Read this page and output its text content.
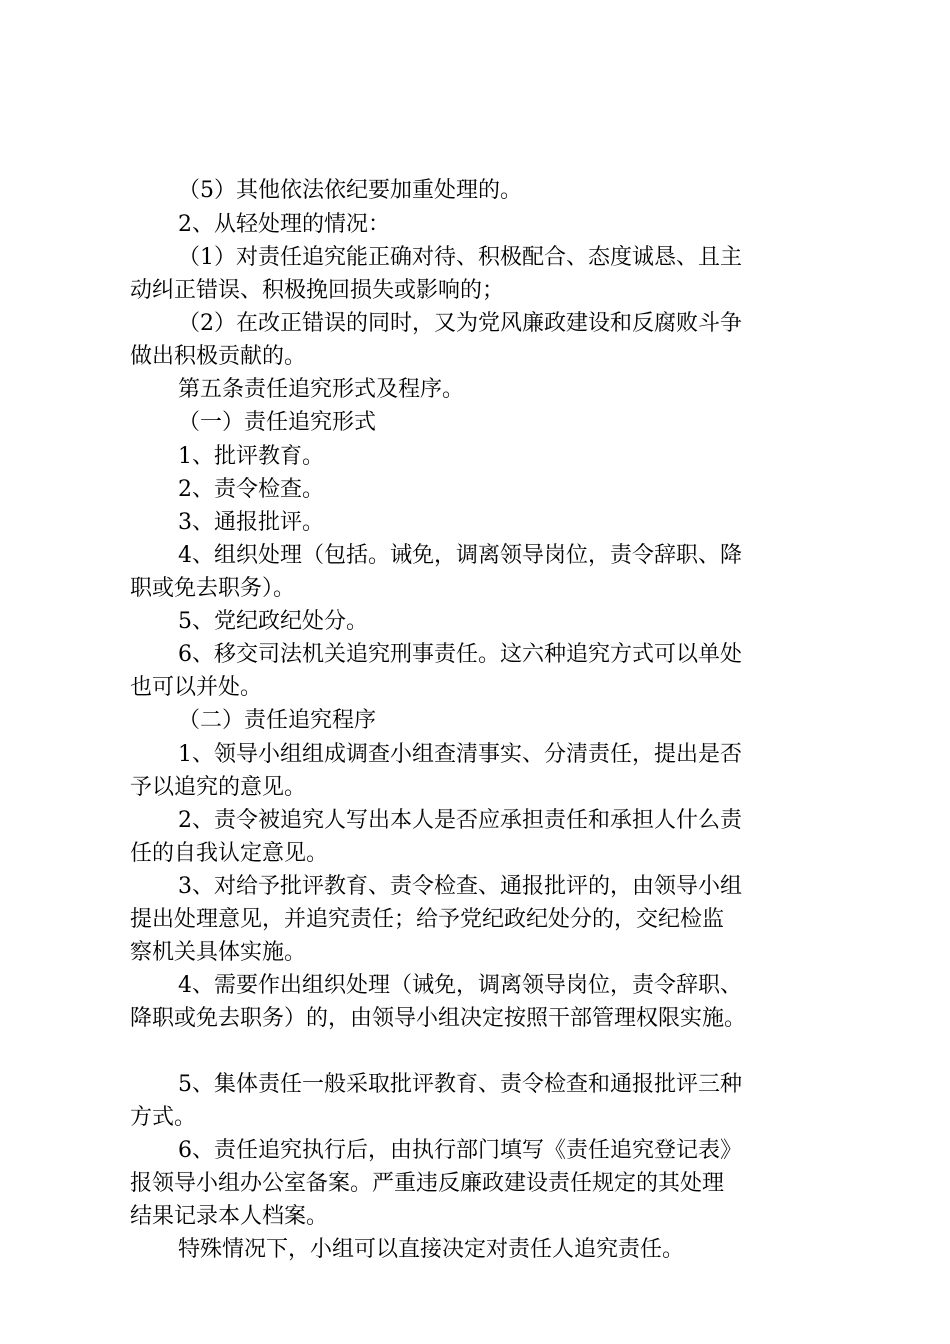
（5）其他依法依纪要加重处理的。
2、从轻处理的情况：
（1）对责任追究能正确对待、积极配合、态度诚恳、且主
动纠正错误、积极挽回损失或影响的；
（2）在改正错误的同时，又为党风廉政建设和反腐败斗争
做出积极贡献的。
第五条责任追究形式及程序。
（一）责任追究形式
1、批评教育。
2、责令检查。
3、通报批评。
4、组织处理（包括。诫免，调离领导岗位，责令辞职、降
职或免去职务）。
5、党纪政纪处分。
6、移交司法机关追究刑事责任。这六种追究方式可以单处
也可以并处。
（二）责任追究程序
1、领导小组组成调查小组查清事实、分清责任，提出是否
予以追究的意见。
2、责令被追究人写出本人是否应承担责任和承担人什么责
任的自我认定意见。
3、对给予批评教育、责令检查、通报批评的，由领导小组
提出处理意见，并追究责任；给予党纪政纪处分的，交纪检监
察机关具体实施。
4、需要作出组织处理（诫免，调离领导岗位，责令辞职、
降职或免去职务）的，由领导小组决定按照干部管理权限实施。
5、集体责任一般采取批评教育、责令检查和通报批评三种
方式。
6、责任追究执行后，由执行部门填写《责任追究登记表》
报领导小组办公室备案。严重违反廉政建设责任规定的其处理
结果记录本人档案。
特殊情况下，小组可以直接决定对责任人追究责任。
